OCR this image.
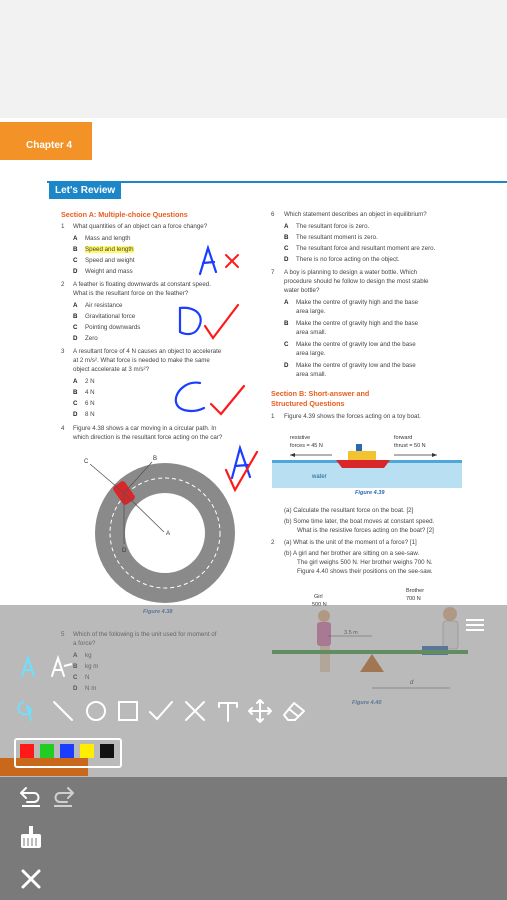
Chapter 4
Let's Review
Section A: Multiple-choice Questions
1 What quantities of an object can a force change?
A Mass and length
B Speed and length
C Speed and weight
D Weight and mass
2 A feather is floating downwards at constant speed.
What is the resultant force on the feather?
A Air resistance
B Gravitational force
C Pointing downwards
D Zero
3 A resultant force of 4 N causes an object to accelerate
at 2 m/s². What force is needed to make the same
object accelerate at 3 m/s²?
A 2 N
B 4 N
C 6 N
D 8 N
4 Figure 4.38 shows a car moving in a circular path. In
which direction is the resultant force acting on the car?
A
B
C
D
6 Which statement describes an object in equilibrium?
A The resultant force is zero.
B The resultant moment is zero.
C The resultant force and resultant moment are zero.
D There is no force acting on the object.
7 A boy is planning to design a water bottle. Which
procedure should he follow to design the most stable
water bottle?
A Make the centre of gravity high and the base
area large.
B Make the centre of gravity high and the base
area small.
C Make the centre of gravity low and the base
area large.
D Make the centre of gravity low and the base
area small.
Section B: Short-answer and
Structured Questions
1 Figure 4.39 shows the forces acting on a toy boat.
water
resistive
forces = 45 N
forward
thrust = 50 N
Figure 4.39
(a) Calculate the resultant force on the boat. [2]
(b) Some time later, the boat moves at constant speed.
What is the resistive forces acting on the boat? [2]
2 (a) What is the unit of the moment of a force? [1]
(b) A girl and her brother are sitting on a see-saw.
The girl weighs 500 N. Her brother weighs 700 N.
Figure 4.40 shows their positions on the see-saw.
Girl
Brother
700 N
